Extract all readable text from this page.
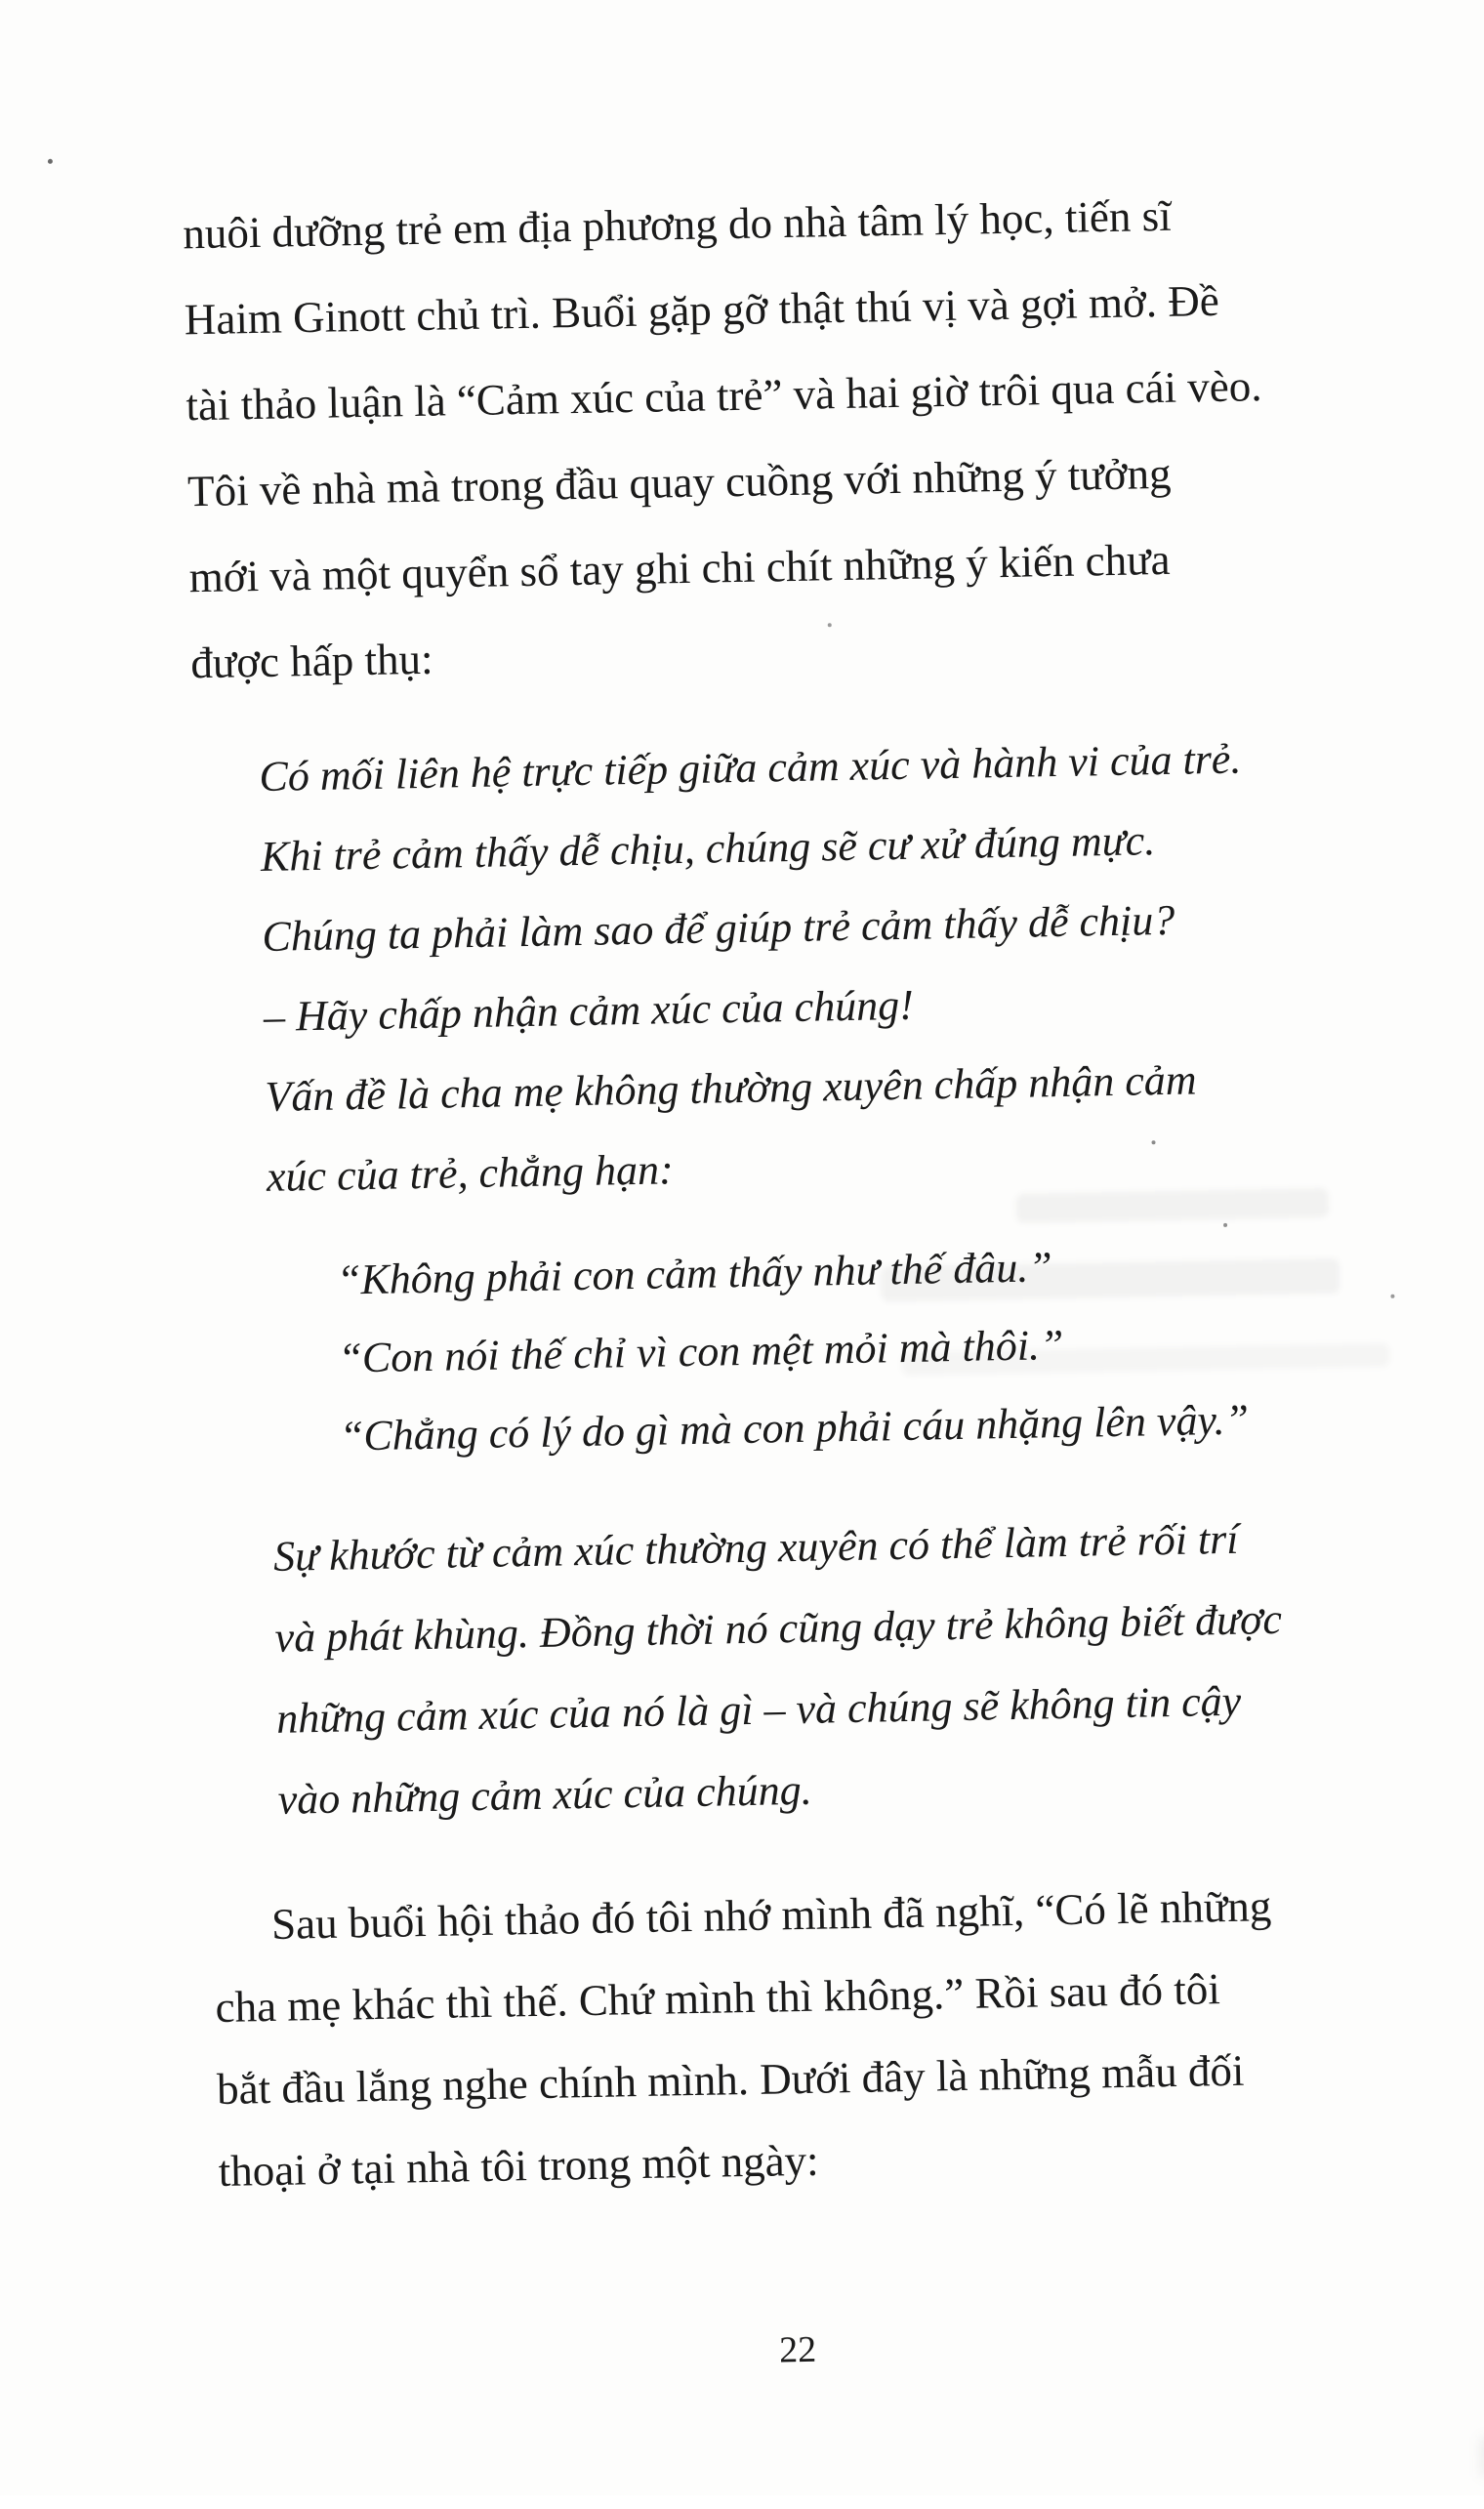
nuôi dưỡng trẻ em địa phương do nhà tâm lý học, tiến sĩ
Haim Ginott chủ trì. Buổi gặp gỡ thật thú vị và gợi mở. Đề
tài thảo luận là “Cảm xúc của trẻ” và hai giờ trôi qua cái vèo.
Tôi về nhà mà trong đầu quay cuồng với những ý tưởng
mới và một quyển sổ tay ghi chi chít những ý kiến chưa
được hấp thụ:
Có mối liên hệ trực tiếp giữa cảm xúc và hành vi của trẻ.
Khi trẻ cảm thấy dễ chịu, chúng sẽ cư xử đúng mực.
Chúng ta phải làm sao để giúp trẻ cảm thấy dễ chịu?
– Hãy chấp nhận cảm xúc của chúng!
Vấn đề là cha mẹ không thường xuyên chấp nhận cảm
xúc của trẻ, chẳng hạn:
“Không phải con cảm thấy như thế đâu.”
“Con nói thế chỉ vì con mệt mỏi mà thôi.”
“Chẳng có lý do gì mà con phải cáu nhặng lên vậy.”
Sự khước từ cảm xúc thường xuyên có thể làm trẻ rối trí
và phát khùng. Đồng thời nó cũng dạy trẻ không biết được
những cảm xúc của nó là gì – và chúng sẽ không tin cậy
vào những cảm xúc của chúng.
Sau buổi hội thảo đó tôi nhớ mình đã nghĩ, “Có lẽ những
cha mẹ khác thì thế. Chứ mình thì không.” Rồi sau đó tôi
bắt đầu lắng nghe chính mình. Dưới đây là những mẫu đối
thoại ở tại nhà tôi trong một ngày:
22
